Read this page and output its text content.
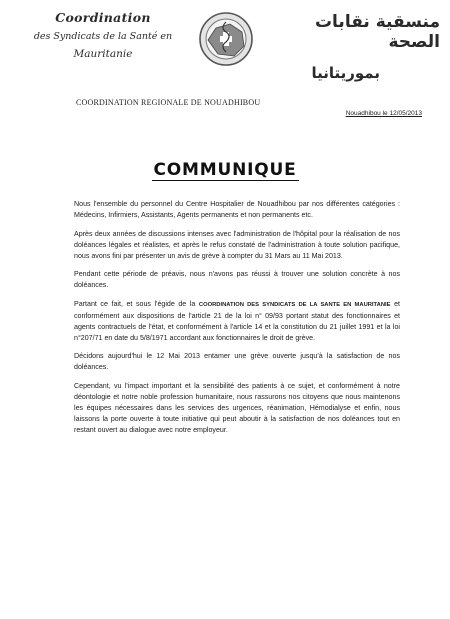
Coordination
des Syndicats de la Santé en
Mauritanie
منسقية نقابات الصحة
بموريتانيا
COORDINATION REGIONALE DE NOUADHIBOU
Nouadhibou le 12/05/2013
COMMUNIQUE

Nous l'ensemble du personnel du Centre Hospitalier de Nouadhibou par nos différentes catégories : Médecins, Infirmiers, Assistants, Agents permanents et non permanents etc.

Après deux années de discussions intenses avec l'administration de l'hôpital pour la réalisation de nos doléances légales et réalistes, et après le refus constaté de l'administration à toute solution pacifique, nous avons fini par présenter un avis de grève à compter du 31 Mars au 11 Mai 2013.

Pendant cette période de préavis, nous n'avons pas réussi à trouver une solution concrète à nos doléances.

Partant ce fait, et sous l'égide de la COORDINATION DES SYNDICATS DE LA SANTE EN MAURITANIE et conformément aux dispositions de l'article 21 de la loi n° 09/93 portant statut des fonctionnaires et agents contractuels de l'état, et conformément à l'article 14 et la constitution du 21 juillet 1991 et la loi n°207/71 en date du 5/8/1971 accordant aux fonctionnaires le droit de grève.

Décidons aujourd'hui le 12 Mai 2013 entamer une grève ouverte jusqu'à la satisfaction de nos doléances.

Cependant, vu l'impact important et la sensibilité des patients à ce sujet, et conformément à notre déontologie et notre noble profession humanitaire, nous rassurons nos citoyens que nous maintenons les équipes nécessaires dans les services des urgences, réanimation, Hémodialyse et enfin, nous laissons la porte ouverte à toute initiative qui peut aboutir à la satisfaction de nos doléances tout en restant ouvert au dialogue avec notre employeur.
